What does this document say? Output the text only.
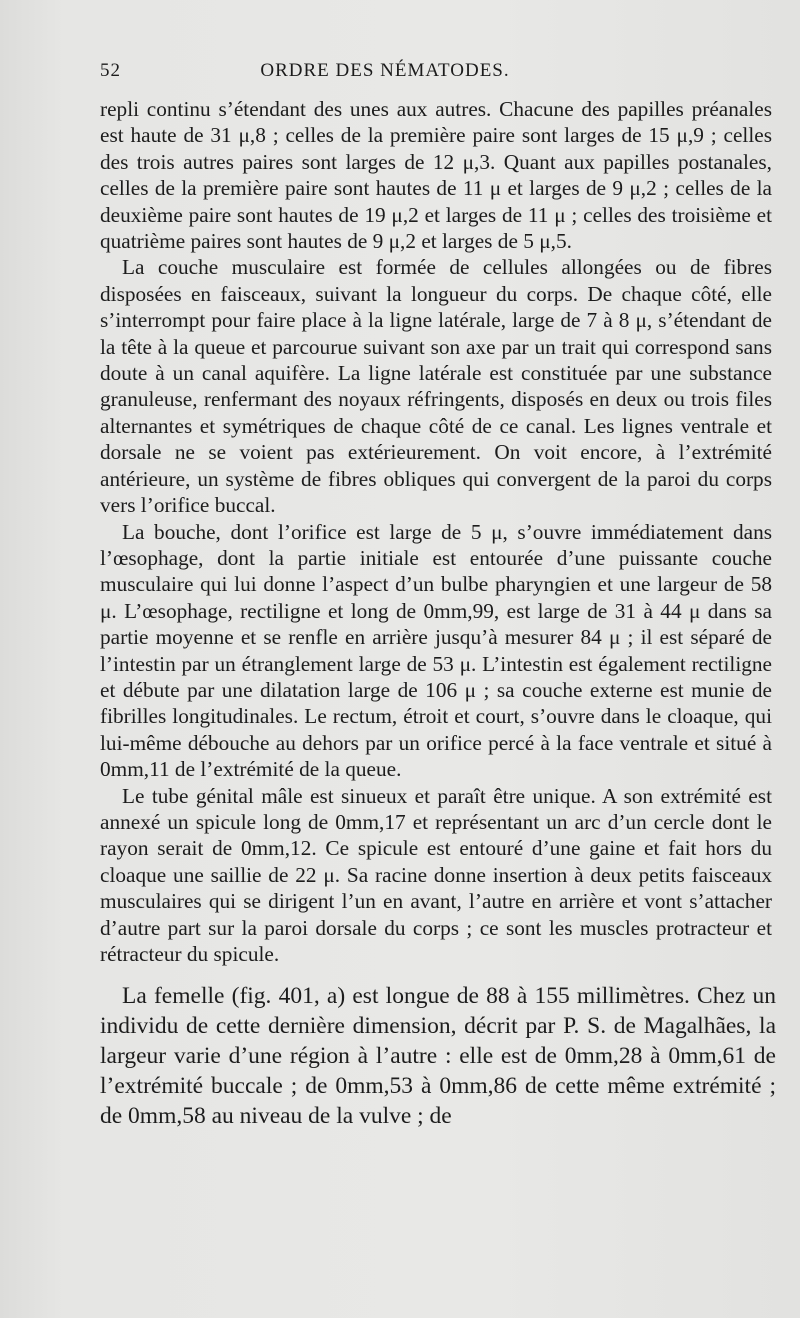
52	ORDRE DES NÉMATODES.

repli continu s’étendant des unes aux autres. Chacune des papilles préanales est haute de 31 μ,8 ; celles de la première paire sont larges de 15 μ,9 ; celles des trois autres paires sont larges de 12 μ,3. Quant aux papilles postanales, celles de la première paire sont hautes de 11 μ et larges de 9 μ,2 ; celles de la deuxième paire sont hautes de 19 μ,2 et larges de 11 μ ; celles des troisième et quatrième paires sont hautes de 9 μ,2 et larges de 5 μ,5.

La couche musculaire est formée de cellules allongées ou de fibres disposées en faisceaux, suivant la longueur du corps. De chaque côté, elle s’interrompt pour faire place à la ligne latérale, large de 7 à 8 μ, s’étendant de la tête à la queue et parcourue suivant son axe par un trait qui correspond sans doute à un canal aquifère. La ligne latérale est constituée par une substance granuleuse, renfermant des noyaux réfringents, disposés en deux ou trois files alternantes et symétriques de chaque côté de ce canal. Les lignes ventrale et dorsale ne se voient pas extérieurement. On voit encore, à l’extrémité antérieure, un système de fibres obliques qui convergent de la paroi du corps vers l’orifice buccal.

La bouche, dont l’orifice est large de 5 μ, s’ouvre immédiatement dans l’œsophage, dont la partie initiale est entourée d’une puissante couche musculaire qui lui donne l’aspect d’un bulbe pharyngien et une largeur de 58 μ. L’œsophage, rectiligne et long de 0mm,99, est large de 31 à 44 μ dans sa partie moyenne et se renfle en arrière jusqu’à mesurer 84 μ ; il est séparé de l’intestin par un étranglement large de 53 μ. L’intestin est également rectiligne et débute par une dilatation large de 106 μ ; sa couche externe est munie de fibrilles longitudinales. Le rectum, étroit et court, s’ouvre dans le cloaque, qui lui-même débouche au dehors par un orifice percé à la face ventrale et situé à 0mm,11 de l’extrémité de la queue.

Le tube génital mâle est sinueux et paraît être unique. A son extrémité est annexé un spicule long de 0mm,17 et représentant un arc d’un cercle dont le rayon serait de 0mm,12. Ce spicule est entouré d’une gaine et fait hors du cloaque une saillie de 22 μ. Sa racine donne insertion à deux petits faisceaux musculaires qui se dirigent l’un en avant, l’autre en arrière et vont s’attacher d’autre part sur la paroi dorsale du corps ; ce sont les muscles protracteur et rétracteur du spicule.

La femelle (fig. 401, a) est longue de 88 à 155 millimètres. Chez un individu de cette dernière dimension, décrit par P. S. de Magalhães, la largeur varie d’une région à l’autre : elle est de 0mm,28 à 0mm,61 de l’extrémité buccale ; de 0mm,53 à 0mm,86 de cette même extrémité ; de 0mm,58 au niveau de la vulve ; de
